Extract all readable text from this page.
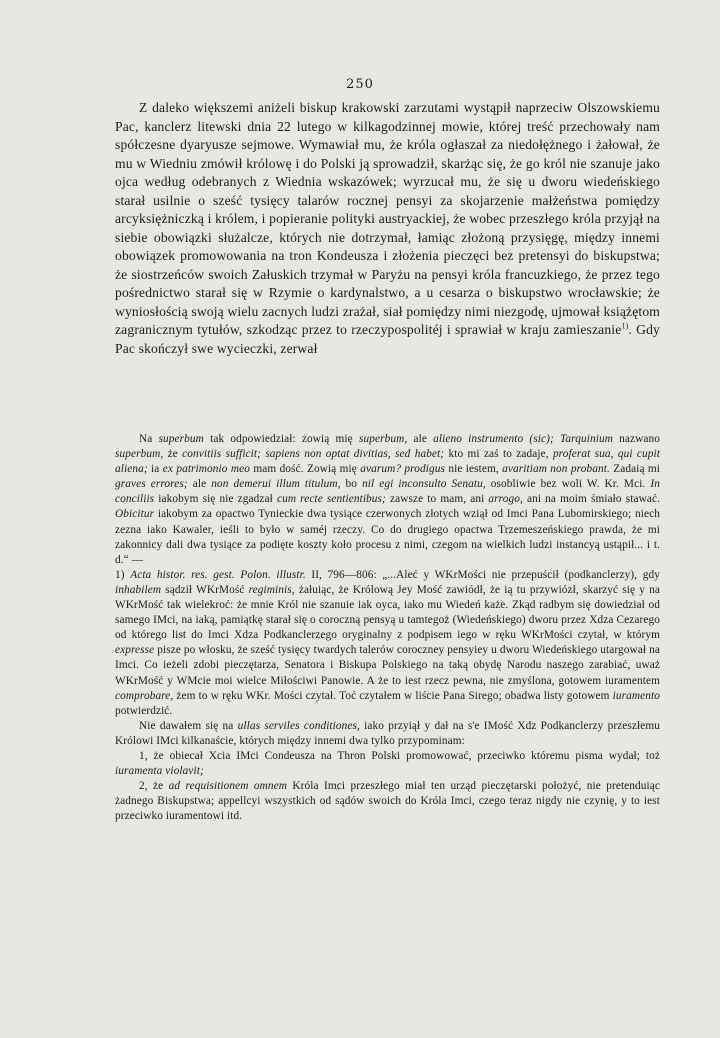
250

Z daleko większemi aniżeli biskup krakowski zarzutami wystąpił naprzeciw Olszowskiemu Pac, kanclerz litewski dnia 22 lutego w kilkagodzinnej mowie, której treść przechowały nam spółczesne dyaryusze sejmowe. Wymawiał mu, że króla ogłaszał za niedołężnego i żałował, że mu w Wiedniu zmówił królowę i do Polski ją sprowadził, skarżąc się, że go król nie szanuje jako ojca według odebranych z Wiednia wskazówek; wyrzucał mu, że się u dworu wiedeńskiego starał usilnie o sześć tysięcy talarów rocznej pensyi za skojarzenie małżeństwa pomiędzy arcyksiężniczką i królem, i popieranie polityki austryackiej, że wobec przeszłego króla przyjął na siebie obowiązki służalcze, których nie dotrzymał, łamiąc złożoną przysięgę, między innemi obowiązek promowowania na tron Kondeusza i złożenia pieczęci bez pretensyi do biskupstwa; że siostrzeńców swoich Załuskich trzymał w Paryżu na pensyi króla francuzkiego, że przez tego pośrednictwo starał się w Rzymie o kardynalstwo, a u cesarza o biskupstwo wrocławskie; że wyniosłością swoją wielu zacnych ludzi zrażał, siał pomiędzy nimi niezgodę, ujmował książętom zagranicznym tytułów, szkodząc przez to rzeczypospolitéj i sprawiał w kraju zamieszanie$^{1)}$. Gdy Pac skończył swe wycieczki, zerwał

Na superbum tak odpowiedział: zowią mię superbum, ale alieno instrumento (sic); Tarquinium nazwano superbum, że convitiis sufficit; sapiens non optat divitias, sed habet; kto mi zaś to zadaje, proferat sua, qui cupit aliena; ia ex patrimonio meo mam dość. Zowią mię avarum? prodigus nie iestem, avaritiam non probant. Zadaią mi graves errores; ale non demerui illum titulum, bo nil egi inconsulto Senatu, osobliwie bez woli W. Kr. Mci. In conciliis iakobym się nie zgadzał cum recte sentientibus; zawsze to mam, ani arrogo, ani na moim śmiało stawać. Obicitur iakobym za opactwo Tynieckie dwa tysiące czerwonych złotych wziął od Imci Pana Lubomirskiego; niech zezna iako Kawaler, ieśli to było w saméj rzeczy. Co do drugiego opactwa Trzemeszeńskiego prawda, że mi zakonnicy dali dwa tysiące za podięte koszty koło procesu z nimi, czegom na wielkich ludzi instancyą ustąpił... i t. d.“ —

1) Acta histor. res. gest. Polon. illustr. II, 796—806: „...Aleć y WKrMości nie przepuścił (podkanclerzy), gdy inhabilem sądził WKrMość regiminis, żałuiąc, że Królową Jey Mość zawiódł, że ią tu przywiózł, skarzyć się y na WKrMość tak wielekroć: że mnie Król nie szanuie iak oyca, iako mu Wiedeń każe. Zkąd radbym się dowiedział od samego IMci, na iaką, pamiątkę starał się o coroczną pensyą u tamtegoż (Wiedeńskiego) dworu przez Xdza Cezarego od którego list do Imci Xdza Podkanclerzego oryginalny z podpisem iego w ręku WKrMości czytał, w którym expresse pisze po włosku, że sześć tysięcy twardych talerów coroczney pensyiey u dworu Wiedeńskiego utargował na Imci. Co ieżeli zdobi pieczętarza, Senatora i Biskupa Polskiego na taką obydę Narodu naszego zarabiać, uważ WKrMość y WMcie moi wielce Miłościwi Panowie. A że to iest rzecz pewna, nie zmyślona, gotowem iuramentem comprobare, żem to w ręku WKr. Mości czytał. Toć czytałem w liście Pana Sirego; obadwa listy gotowem iuramento potwierdzić.

Nie dawałem się na ullas serviles conditiones, iako przyiął y dał na s'e IMość Xdz Podkanclerzy przeszłemu Królowi IMci kilkanaście, których między innemi dwa tylko przypominam:

1, że obiecał Xcia IMci Condeusza na Thron Polski promowować, przeciwko któremu pisma wydał; toż iuramenta violavit;

2, że ad requisitionem omnem Króla Imci przeszłego miał ten urząd pieczętarski położyć, nie pretenduiąc żadnego Biskupstwa; appellcyi wszystkich od sądów swoich do Króla Imci, czego teraz nigdy nie czynię, y to iest przeciwko iuramentowi itd.
